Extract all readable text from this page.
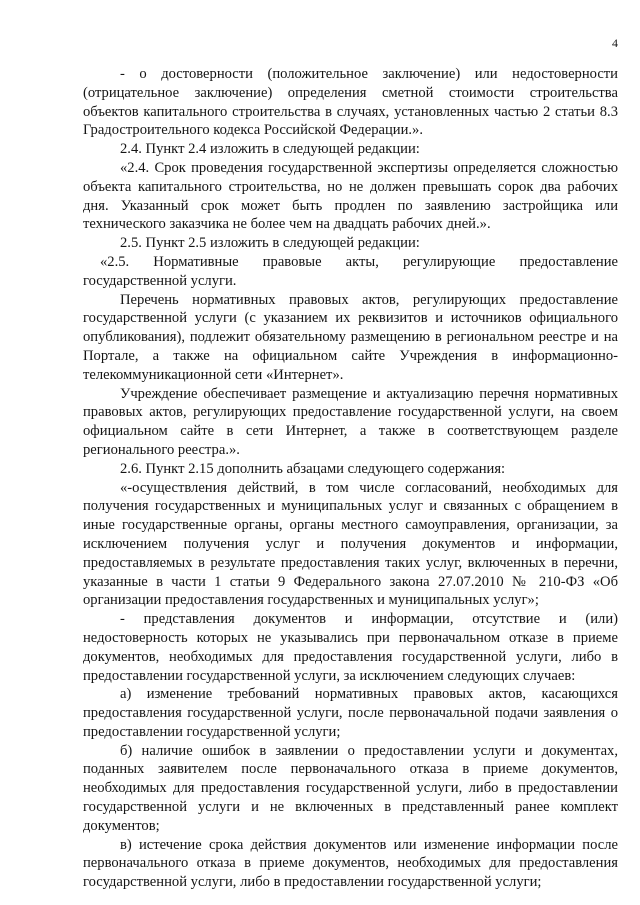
4

- о достоверности (положительное заключение) или недостоверности (отрицательное заключение) определения сметной стоимости строительства объектов капитального строительства в случаях, установленных частью 2 статьи 8.3 Градостроительного кодекса Российской Федерации.».

2.4. Пункт 2.4 изложить в следующей редакции:

«2.4. Срок проведения государственной экспертизы определяется сложностью объекта капитального строительства, но не должен превышать сорок два рабочих дня. Указанный срок может быть продлен по заявлению застройщика или технического заказчика не более чем на двадцать рабочих дней.».

2.5. Пункт 2.5 изложить в следующей редакции:

«2.5. Нормативные правовые акты, регулирующие предоставление государственной услуги.

Перечень нормативных правовых актов, регулирующих предоставление государственной услуги (с указанием их реквизитов и источников официального опубликования), подлежит обязательному размещению в региональном реестре и на Портале, а также на официальном сайте Учреждения в информационно-телекоммуникационной сети «Интернет».

Учреждение обеспечивает размещение и актуализацию перечня нормативных правовых актов, регулирующих предоставление государственной услуги, на своем официальном сайте в сети Интернет, а также в соответствующем разделе регионального реестра.».

2.6. Пункт 2.15 дополнить абзацами следующего содержания:

«-осуществления действий, в том числе согласований, необходимых для получения государственных и муниципальных услуг и связанных с обращением в иные государственные органы, органы местного самоуправления, организации, за исключением получения услуг и получения документов и информации, предоставляемых в результате предоставления таких услуг, включенных в перечни, указанные в части 1 статьи 9 Федерального закона 27.07.2010 № 210-ФЗ «Об организации предоставления государственных и муниципальных услуг»;

- представления документов и информации, отсутствие и (или) недостоверность которых не указывались при первоначальном отказе в приеме документов, необходимых для предоставления государственной услуги, либо в предоставлении государственной услуги, за исключением следующих случаев:

а) изменение требований нормативных правовых актов, касающихся предоставления государственной услуги, после первоначальной подачи заявления о предоставлении государственной услуги;

б) наличие ошибок в заявлении о предоставлении услуги и документах, поданных заявителем после первоначального отказа в приеме документов, необходимых для предоставления государственной услуги, либо в предоставлении государственной услуги и не включенных в представленный ранее комплект документов;

в) истечение срока действия документов или изменение информации после первоначального отказа в приеме документов, необходимых для предоставления государственной услуги, либо в предоставлении государственной услуги;
